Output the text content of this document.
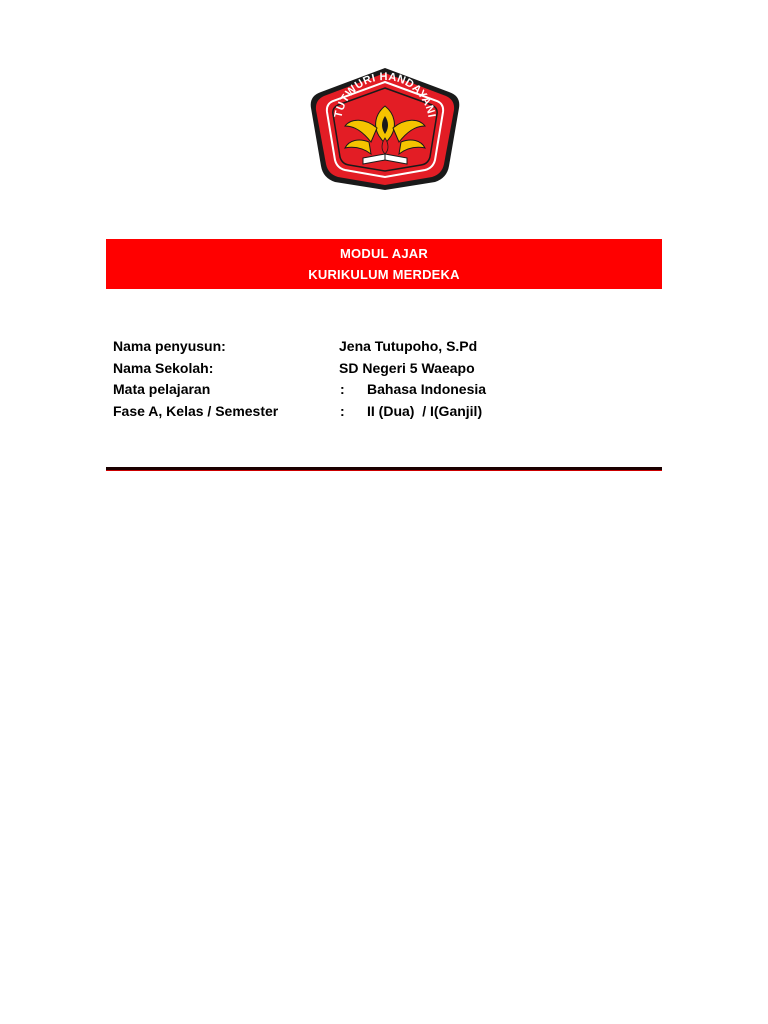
TUTWURI HANDAYANI
MODUL AJAR
KURIKULUM MERDEKA
Nama penyusun:	Jena Tutupoho, S.Pd
Nama Sekolah:	SD Negeri 5 Waeapo
Mata pelajaran	: Bahasa Indonesia
Fase A, Kelas / Semester	: II (Dua)  / I(Ganjil)
